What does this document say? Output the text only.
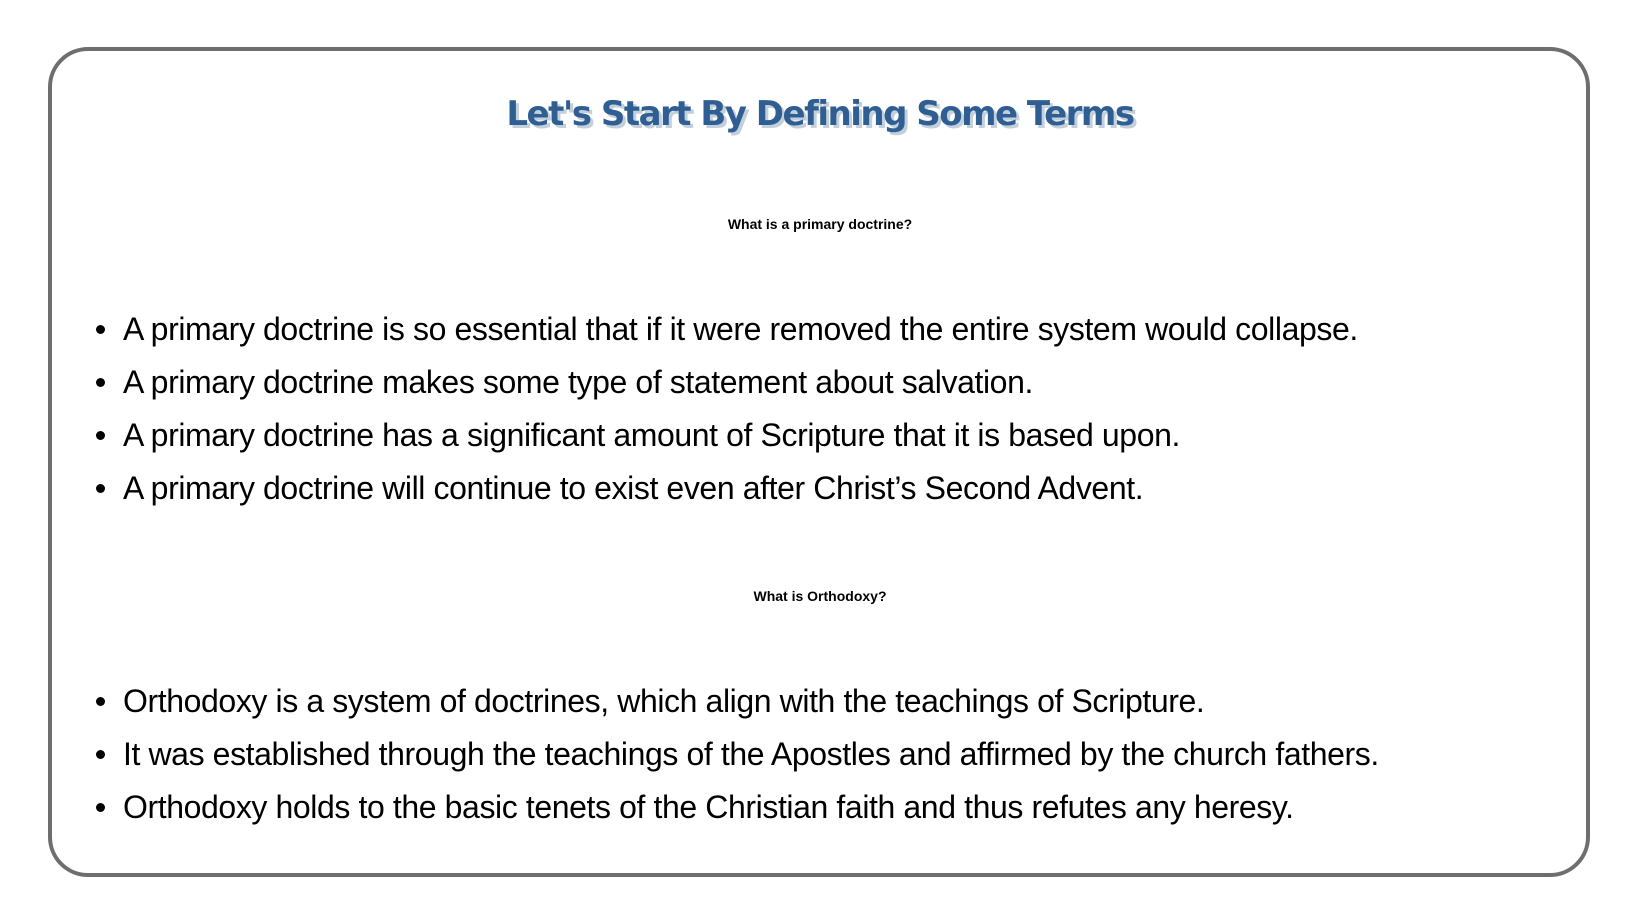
Let's Start By Defining Some Terms
What is a primary doctrine?
A primary doctrine is so essential that if it were removed the entire system would collapse.
A primary doctrine makes some type of statement about salvation.
A primary doctrine has a significant amount of Scripture that it is based upon.
A primary doctrine will continue to exist even after Christ’s Second Advent.
What is Orthodoxy?
Orthodoxy is a system of doctrines, which align with the teachings of Scripture.
It was established through the teachings of the Apostles and affirmed by the church fathers.
Orthodoxy holds to the basic tenets of the Christian faith and thus refutes any heresy.
